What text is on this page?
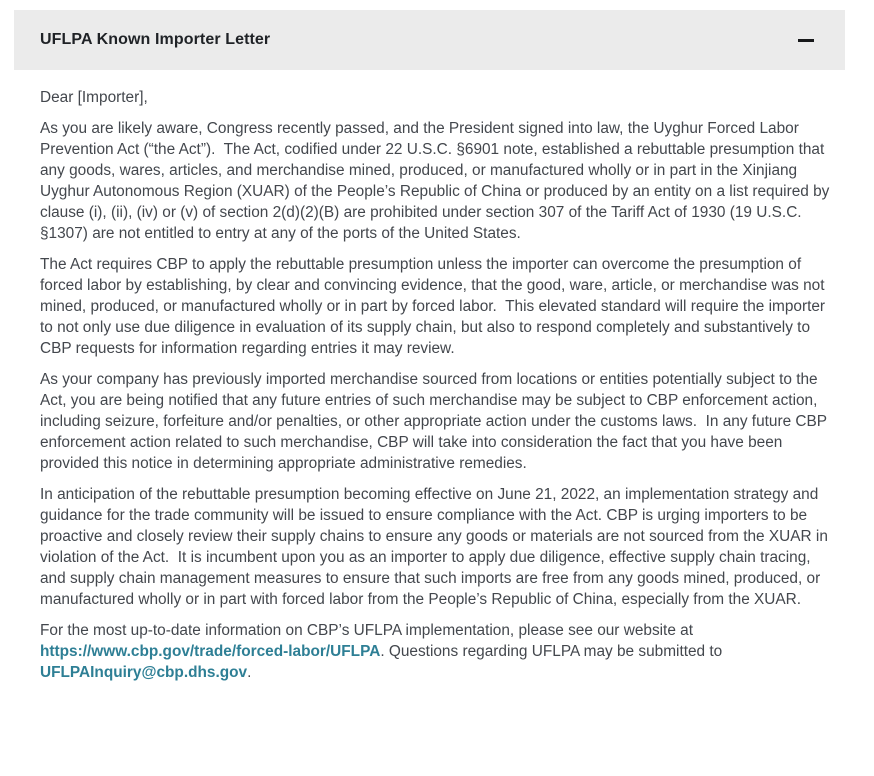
UFLPA Known Importer Letter

Dear [Importer],

As you are likely aware, Congress recently passed, and the President signed into law, the Uyghur Forced Labor Prevention Act (“the Act”).  The Act, codified under 22 U.S.C. §6901 note, established a rebuttable presumption that any goods, wares, articles, and merchandise mined, produced, or manufactured wholly or in part in the Xinjiang Uyghur Autonomous Region (XUAR) of the People’s Republic of China or produced by an entity on a list required by clause (i), (ii), (iv) or (v) of section 2(d)(2)(B) are prohibited under section 307 of the Tariff Act of 1930 (19 U.S.C. §1307) are not entitled to entry at any of the ports of the United States.

The Act requires CBP to apply the rebuttable presumption unless the importer can overcome the presumption of forced labor by establishing, by clear and convincing evidence, that the good, ware, article, or merchandise was not mined, produced, or manufactured wholly or in part by forced labor.  This elevated standard will require the importer to not only use due diligence in evaluation of its supply chain, but also to respond completely and substantively to CBP requests for information regarding entries it may review.

As your company has previously imported merchandise sourced from locations or entities potentially subject to the Act, you are being notified that any future entries of such merchandise may be subject to CBP enforcement action, including seizure, forfeiture and/or penalties, or other appropriate action under the customs laws.  In any future CBP enforcement action related to such merchandise, CBP will take into consideration the fact that you have been provided this notice in determining appropriate administrative remedies.

In anticipation of the rebuttable presumption becoming effective on June 21, 2022, an implementation strategy and guidance for the trade community will be issued to ensure compliance with the Act. CBP is urging importers to be proactive and closely review their supply chains to ensure any goods or materials are not sourced from the XUAR in violation of the Act.  It is incumbent upon you as an importer to apply due diligence, effective supply chain tracing, and supply chain management measures to ensure that such imports are free from any goods mined, produced, or manufactured wholly or in part with forced labor from the People’s Republic of China, especially from the XUAR.

For the most up-to-date information on CBP’s UFLPA implementation, please see our website at https://www.cbp.gov/trade/forced-labor/UFLPA. Questions regarding UFLPA may be submitted to UFLPAInquiry@cbp.dhs.gov.
